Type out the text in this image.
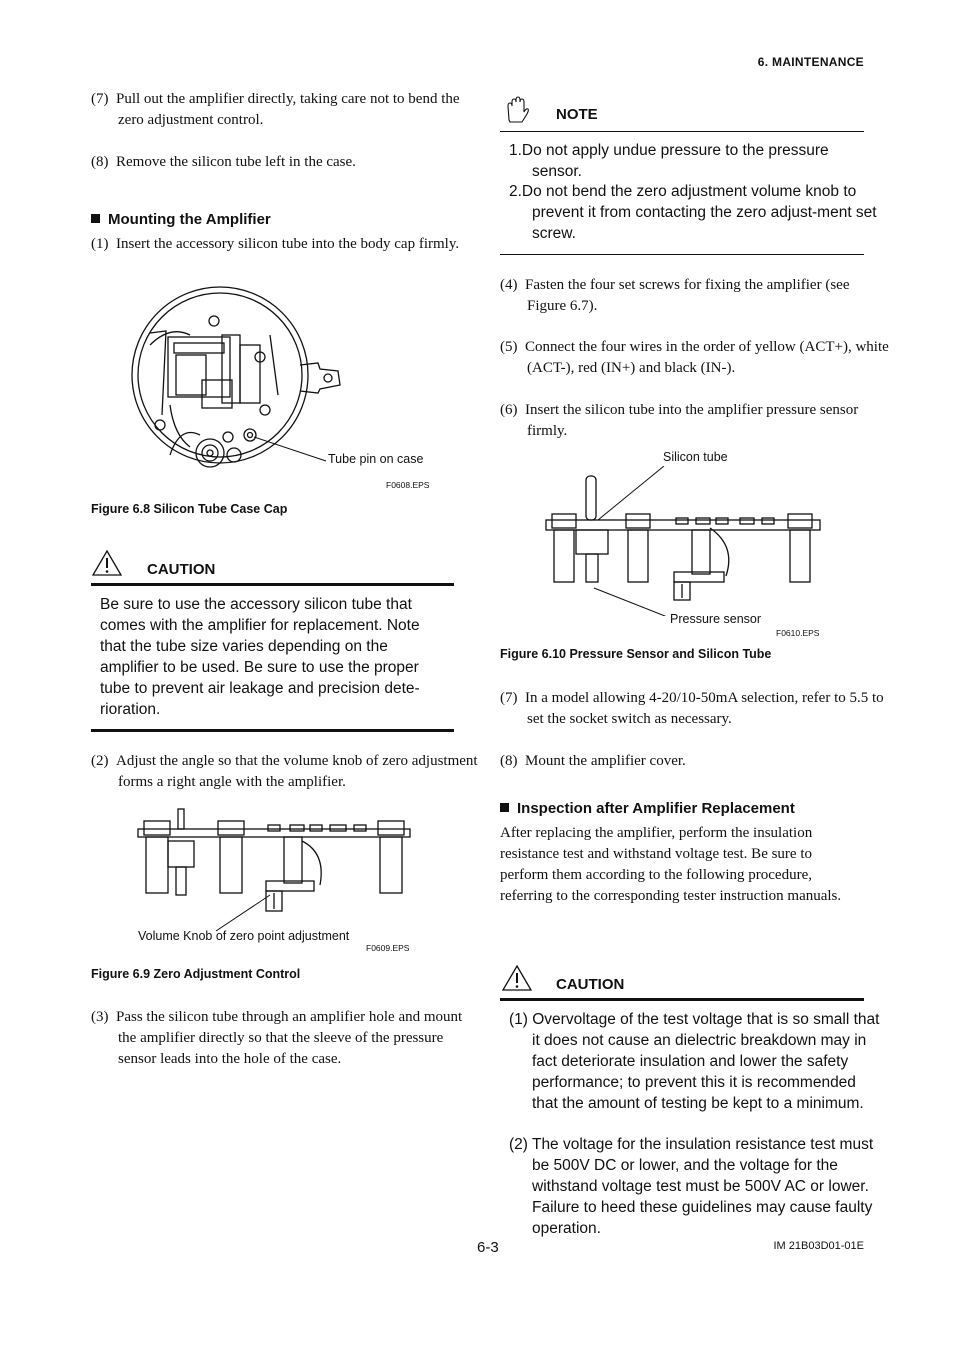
6. MAINTENANCE
(7) Pull out the amplifier directly, taking care not to bend the zero adjustment control.
(8) Remove the silicon tube left in the case.
Mounting the Amplifier
(1) Insert the accessory silicon tube into the body cap firmly.
Tube pin on case
F0608.EPS
Figure 6.8 Silicon Tube Case Cap
CAUTION
Be sure to use the accessory silicon tube that comes with the amplifier for replacement. Note that the tube size varies depending on the amplifier to be used. Be sure to use the proper tube to prevent air leakage and precision dete-rioration.
(2) Adjust the angle so that the volume knob of zero adjustment forms a right angle with the amplifier.
Volume Knob of zero point adjustment
F0609.EPS
Figure 6.9 Zero Adjustment Control
(3) Pass the silicon tube through an amplifier hole and mount the amplifier directly so that the sleeve of the pressure sensor leads into the hole of the case.
NOTE
1.Do not apply undue pressure to the pressure sensor.
2.Do not bend the zero adjustment volume knob to prevent it from contacting the zero adjust-ment set screw.
(4) Fasten the four set screws for fixing the amplifier (see Figure 6.7).
(5) Connect the four wires in the order of yellow (ACT+), white (ACT-), red (IN+) and black (IN-).
(6) Insert the silicon tube into the amplifier pressure sensor firmly.
Silicon tube
Pressure sensor
F0610.EPS
Figure 6.10 Pressure Sensor and Silicon Tube
(7) In a model allowing 4-20/10-50mA selection, refer to 5.5 to set the socket switch as necessary.
(8) Mount the amplifier cover.
Inspection after Amplifier Replacement
After replacing the amplifier, perform the insulation resistance test and withstand voltage test. Be sure to perform them according to the following procedure, referring to the corresponding tester instruction manuals.
CAUTION
(1) Overvoltage of the test voltage that is so small that it does not cause an dielectric breakdown may in fact deteriorate insulation and lower the safety performance; to prevent this it is recommended that the amount of testing be kept to a minimum.
(2) The voltage for the insulation resistance test must be 500V DC or lower, and the voltage for the withstand voltage test must be 500V AC or lower. Failure to heed these guidelines may cause faulty operation.
6-3	IM 21B03D01-01E
